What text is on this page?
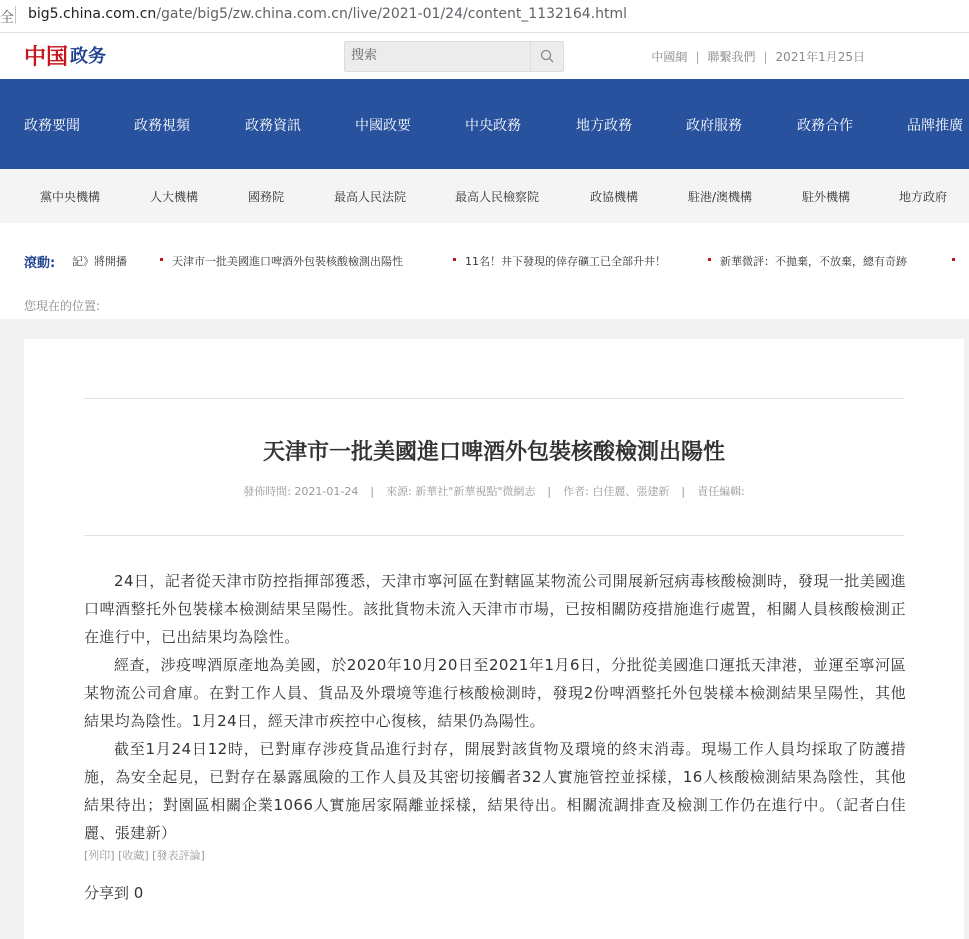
全 big5.china.com.cn/gate/big5/zw.china.com.cn/live/2021-01/24/content_1132164.html
中国 政务
搜索	中國網 | 聯繫我們 | 2021年1月25日
政務要聞	政務視頻	政務資訊	中國政要	中央政務	地方政務	政府服務	政務合作	品牌推廣
黨中央機構	人大機構	國務院	最高人民法院	最高人民檢察院	政協機構	駐港/澳機構	駐外機構	地方政府
滾動: 記》將開播	天津市一批美國進口啤酒外包裝核酸檢測出陽性	11名！井下發現的倖存礦工已全部升井！	新華微評：不拋棄，不放棄，總有奇跡
您現在的位置:
天津市一批美國進口啤酒外包裝核酸檢測出陽性
發佈時間: 2021-01-24 | 來源: 新華社"新華視點"微網志 | 作者: 白佳麗、張建新 | 責任編輯:

24日，記者從天津市防控指揮部獲悉，天津市寧河區在對轄區某物流公司開展新冠病毒核酸檢測時，發現一批美國進口啤酒整托外包裝樣本檢測結果呈陽性。該批貨物未流入天津市市場，已按相關防疫措施進行處置，相關人員核酸檢測正在進行中，已出結果均為陰性。

經查，涉疫啤酒原產地為美國，於2020年10月20日至2021年1月6日，分批從美國進口運抵天津港，並運至寧河區某物流公司倉庫。在對工作人員、貨品及外環境等進行核酸檢測時，發現2份啤酒整托外包裝樣本檢測結果呈陽性，其他結果均為陰性。1月24日，經天津市疾控中心復核，結果仍為陽性。

截至1月24日12時，已對庫存涉疫貨品進行封存，開展對該貨物及環境的終末消毒。現場工作人員均採取了防護措施，為安全起見，已對存在暴露風險的工作人員及其密切接觸者32人實施管控並採樣，16人核酸檢測結果為陰性，其他結果待出；對園區相關企業1066人實施居家隔離並採樣，結果待出。相關流調排查及檢測工作仍在進行中。（記者白佳麗、張建新）

[列印] [收藏] [發表評論]
分享到 0
